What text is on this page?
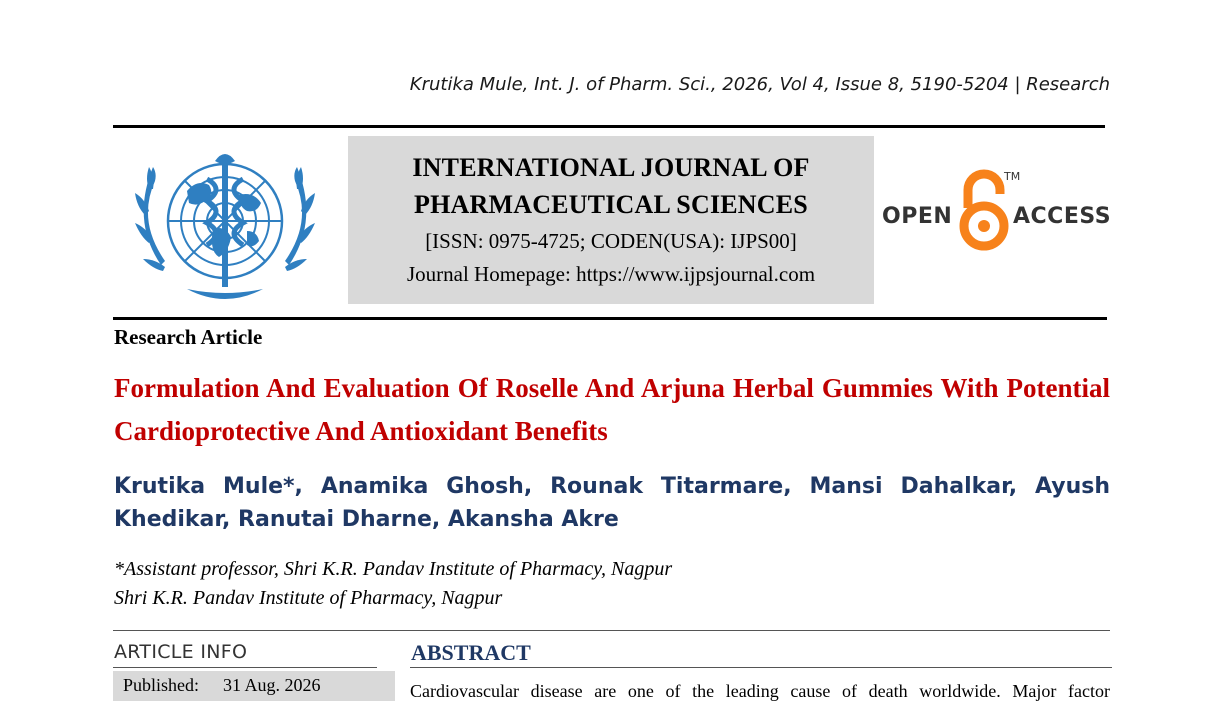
Krutika Mule, Int. J. of Pharm. Sci., 2026, Vol 4, Issue 8, 5190-5204 | Research
INTERNATIONAL JOURNAL OF
PHARMACEUTICAL SCIENCES
[ISSN: 0975-4725; CODEN(USA): IJPS00]
Journal Homepage: https://www.ijpsjournal.com
OPEN
TM
ACCESS
Research Article
Formulation And Evaluation Of Roselle And Arjuna Herbal Gummies With Potential Cardioprotective And Antioxidant Benefits
Krutika Mule*, Anamika Ghosh, Rounak Titarmare, Mansi Dahalkar, Ayush Khedikar, Ranutai Dharne, Akansha Akre
*Assistant professor, Shri K.R. Pandav Institute of Pharmacy, Nagpur
Shri K.R. Pandav Institute of Pharmacy, Nagpur
ARTICLE INFO
Published: 31 Aug. 2026
ABSTRACT
Cardiovascular disease are one of the leading cause of death worldwide. Major factor
